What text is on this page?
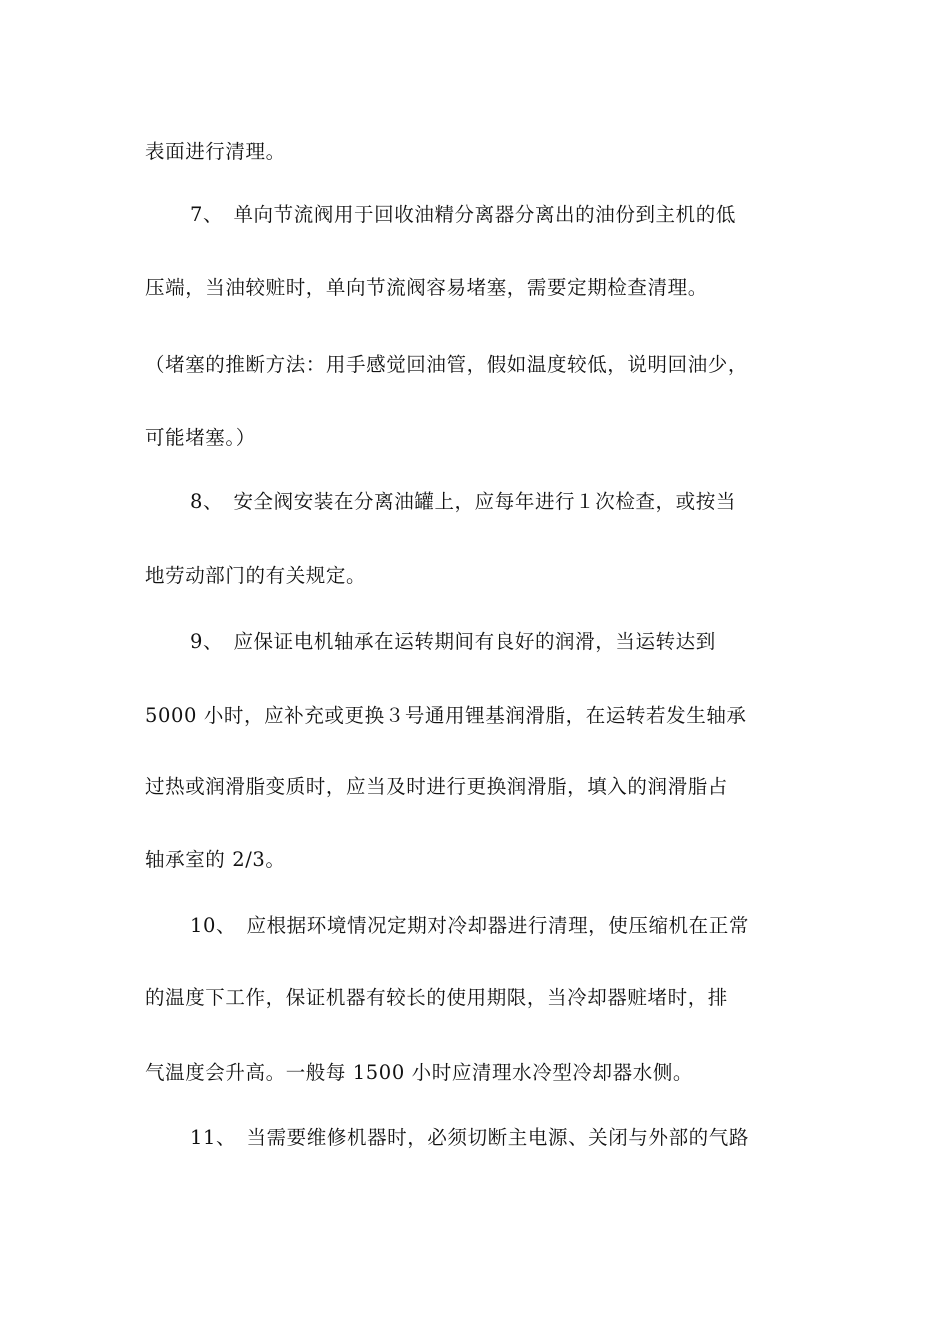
表面进行清理。
7、　单向节流阀用于回收油精分离器分离出的油份到主机的低
压端，当油较赃时，单向节流阀容易堵塞，需要定期检查清理。
（堵塞的推断方法：用手感觉回油管，假如温度较低，说明回油少，
可能堵塞。）
8、　安全阀安装在分离油罐上，应每年进行１次检查，或按当
地劳动部门的有关规定。
9、　应保证电机轴承在运转期间有良好的润滑，当运转达到
5000 小时，应补充或更换３号通用锂基润滑脂，在运转若发生轴承
过热或润滑脂变质时，应当及时进行更换润滑脂，填入的润滑脂占
轴承室的 2/3。
10、　应根据环境情况定期对冷却器进行清理，使压缩机在正常
的温度下工作，保证机器有较长的使用期限，当冷却器赃堵时，排
气温度会升高。一般每 1500 小时应清理水冷型冷却器水侧。
11、　当需要维修机器时，必须切断主电源、关闭与外部的气路
